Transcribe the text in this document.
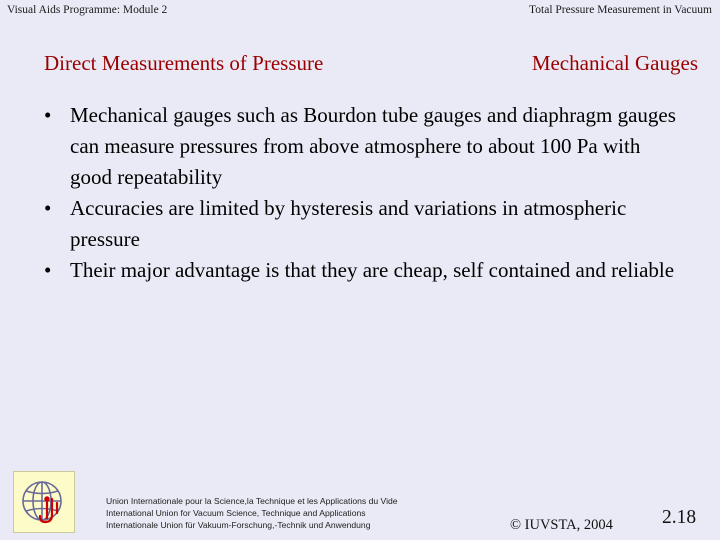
Visual Aids Programme: Module 2	Total Pressure Measurement in Vacuum
Direct Measurements of Pressure	Mechanical Gauges
• Mechanical gauges such as Bourdon tube gauges and diaphragm gauges can measure pressures from above atmosphere to about 100 Pa with good repeatability
• Accuracies are limited by hysteresis and variations in atmospheric pressure
• Their major advantage is that they are cheap, self contained and reliable
Union Internationale pour la Science,la Technique et les Applications du Vide
International Union for Vacuum Science, Technique and Applications
Internationale Union für Vakuum-Forschung,-Technik und Anwendung	© IUVSTA, 2004	2.18
